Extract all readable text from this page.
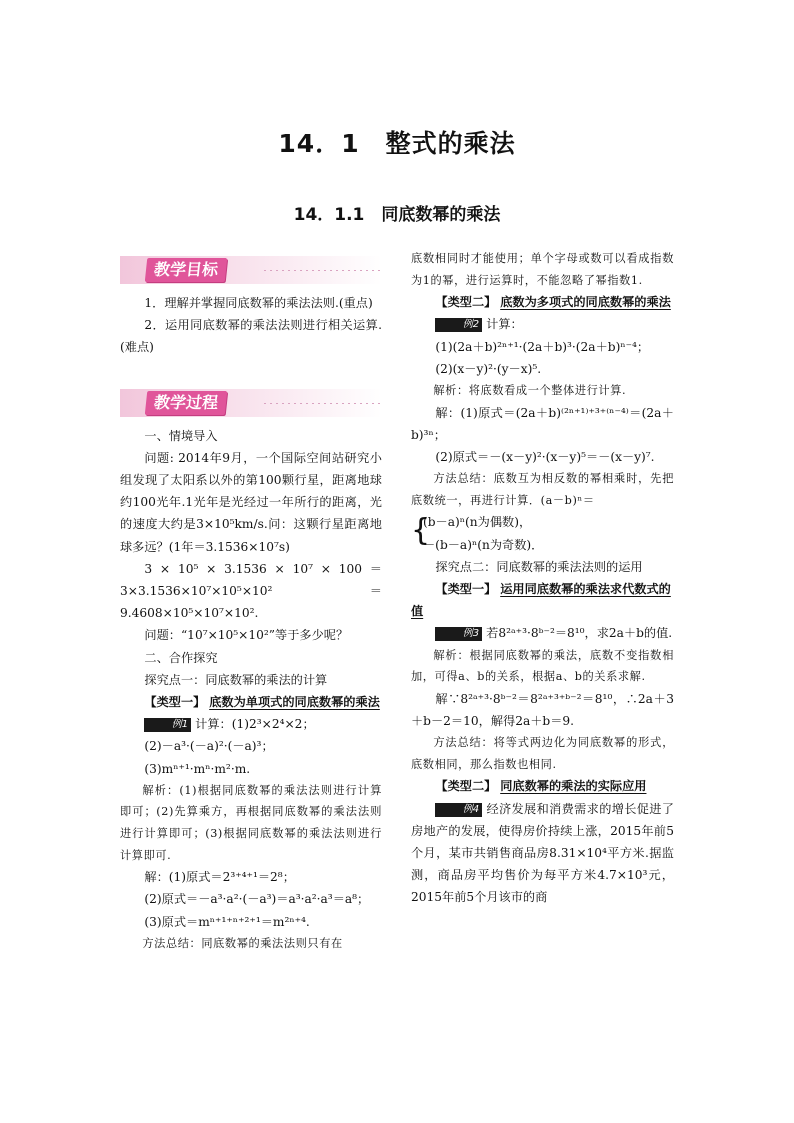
14．1　整式的乘法
14．1.1　同底数幂的乘法
教学目标

1．理解并掌握同底数幂的乘法法则.(重点)

2．运用同底数幂的乘法法则进行相关运算.(难点)

教学过程

一、情境导入

问题: 2014年9月，一个国际空间站研究小组发现了太阳系以外的第100颗行星，距离地球约100光年.1光年是光经过一年所行的距离，光的速度大约是3×10⁵km/s.问：这颗行星距离地球多远？(1年＝3.1536×10⁷s)

3 × 10⁵ × 3.1536 × 10⁷ × 100 ＝ 3×3.1536×10⁷×10⁵×10²＝9.4608×10⁵×10⁷×10².

问题：“10⁷×10⁵×10²”等于多少呢？

二、合作探究

探究点一：同底数幂的乘法的计算

【类型一】 底数为单项式的同底数幂的乘法

例1 计算：(1)2³×2⁴×2；

(2)－a³·(－a)²·(－a)³；

(3)mⁿ⁺¹·mⁿ·m²·m.

解析：(1)根据同底数幂的乘法法则进行计算即可；(2)先算乘方，再根据同底数幂的乘法法则进行计算即可；(3)根据同底数幂的乘法法则进行计算即可.

解：(1)原式＝2³⁺⁴⁺¹＝2⁸；

(2)原式＝－a³·a²·(－a³)＝a³·a²·a³＝a⁸；

(3)原式＝mⁿ⁺¹⁺ⁿ⁺²⁺¹＝m²ⁿ⁺⁴.

方法总结：同底数幂的乘法法则只有在

底数相同时才能使用；单个字母或数可以看成指数为1的幂，进行运算时，不能忽略了幂指数1.

【类型二】 底数为多项式的同底数幂的乘法

例2 计算：

(1)(2a＋b)²ⁿ⁺¹·(2a＋b)³·(2a＋b)ⁿ⁻⁴；

(2)(x－y)²·(y－x)⁵.

解析：将底数看成一个整体进行计算.

解：(1)原式＝(2a＋b)⁽²ⁿ⁺¹⁾⁺³⁺⁽ⁿ⁻⁴⁾＝(2a＋b)³ⁿ；

(2)原式＝－(x－y)²·(x－y)⁵＝－(x－y)⁷.

方法总结：底数互为相反数的幂相乘时，先把底数统一，再进行计算．(a－b)ⁿ＝

{
(b－a)ⁿ(n为偶数)，
－(b－a)ⁿ(n为奇数)．

探究点二：同底数幂的乘法法则的运用

【类型一】 运用同底数幂的乘法求代数式的值

例3 若8²ᵃ⁺³·8ᵇ⁻²＝8¹⁰，求2a＋b的值.

解析：根据同底数幂的乘法，底数不变指数相加，可得a、b的关系，根据a、b的关系求解.

解∵8²ᵃ⁺³·8ᵇ⁻²＝8²ᵃ⁺³⁺ᵇ⁻²＝8¹⁰，∴2a＋3＋b－2＝10，解得2a＋b＝9.

方法总结：将等式两边化为同底数幂的形式，底数相同，那么指数也相同.

【类型二】 同底数幂的乘法的实际应用

例4 经济发展和消费需求的增长促进了房地产的发展，使得房价持续上涨，2015年前5个月，某市共销售商品房8.31×10⁴平方米.据监测，商品房平均售价为每平方米4.7×10³元，2015年前5个月该市的商
